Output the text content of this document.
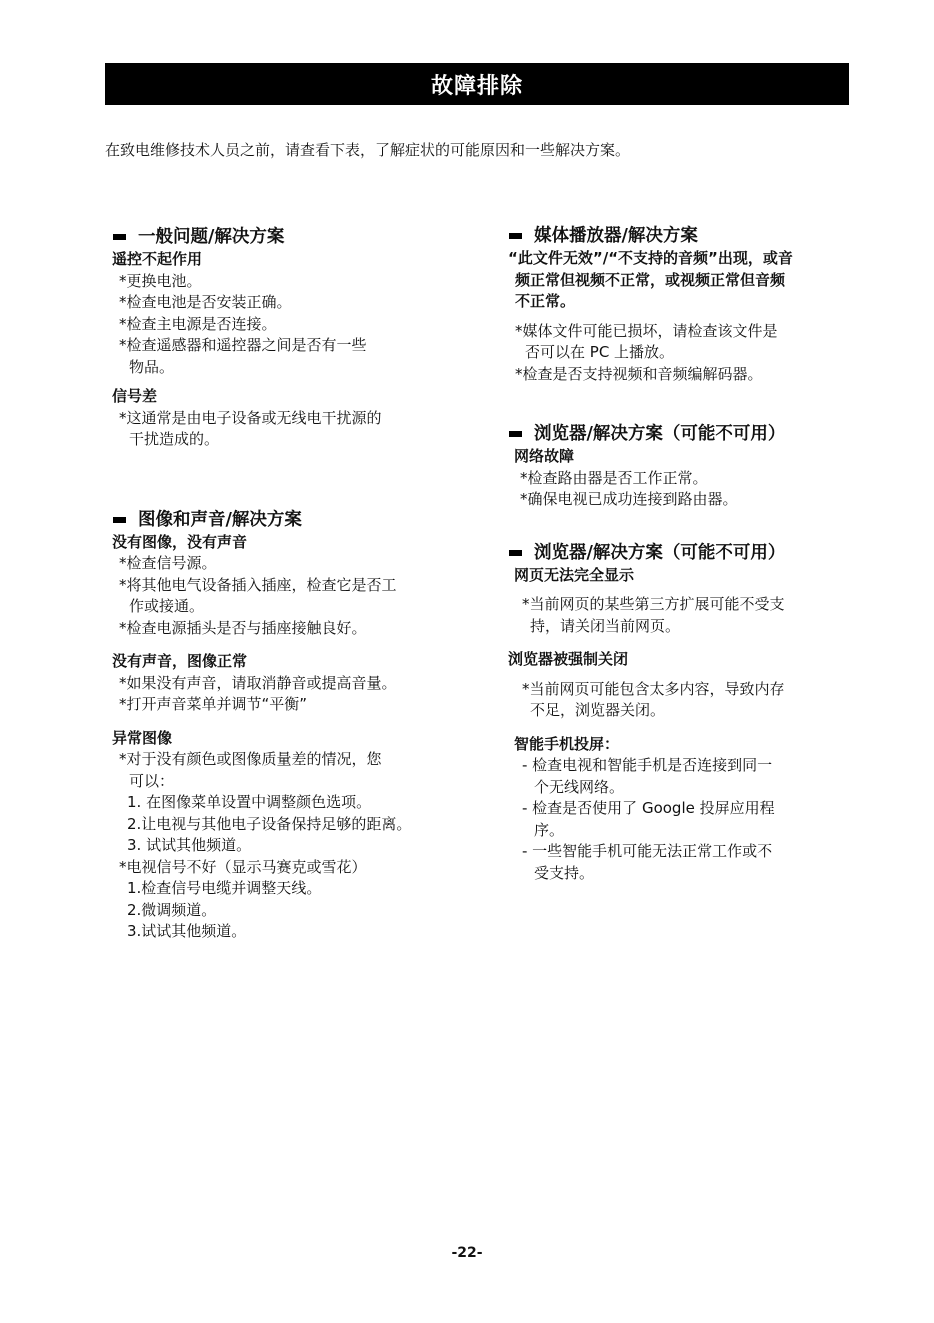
故障排除
在致电维修技术人员之前，请查看下表，了解症状的可能原因和一些解决方案。
一般问题/解决方案
遥控不起作用
*更换电池。
*检查电池是否安装正确。
*检查主电源是否连接。
*检查遥感器和遥控器之间是否有一些
物品。
信号差
*这通常是由电子设备或无线电干扰源的
干扰造成的。
图像和声音/解决方案
没有图像，没有声音
*检查信号源。
*将其他电气设备插入插座，检查它是否工
作或接通。
*检查电源插头是否与插座接触良好。
没有声音，图像正常
*如果没有声音，请取消静音或提高音量。
*打开声音菜单并调节“平衡”
异常图像
*对于没有颜色或图像质量差的情况，您
可以：
1. 在图像菜单设置中调整颜色选项。
2.让电视与其他电子设备保持足够的距离。
3. 试试其他频道。
*电视信号不好（显示马赛克或雪花）
1.检查信号电缆并调整天线。
2.微调频道。
3.试试其他频道。
媒体播放器/解决方案
“此文件无效”/“不支持的音频”出现，或音
频正常但视频不正常，或视频正常但音频
不正常。
*媒体文件可能已损坏，请检查该文件是
否可以在 PC 上播放。
*检查是否支持视频和音频编解码器。
浏览器/解决方案（可能不可用）
网络故障
*检查路由器是否工作正常。
*确保电视已成功连接到路由器。
浏览器/解决方案（可能不可用）
网页无法完全显示
*当前网页的某些第三方扩展可能不受支
持，请关闭当前网页。
浏览器被强制关闭
*当前网页可能包含太多内容，导致内存
不足，浏览器关闭。
智能手机投屏：
- 检查电视和智能手机是否连接到同一
个无线网络。
- 检查是否使用了 Google 投屏应用程
序。
- 一些智能手机可能无法正常工作或不
受支持。
-22-
